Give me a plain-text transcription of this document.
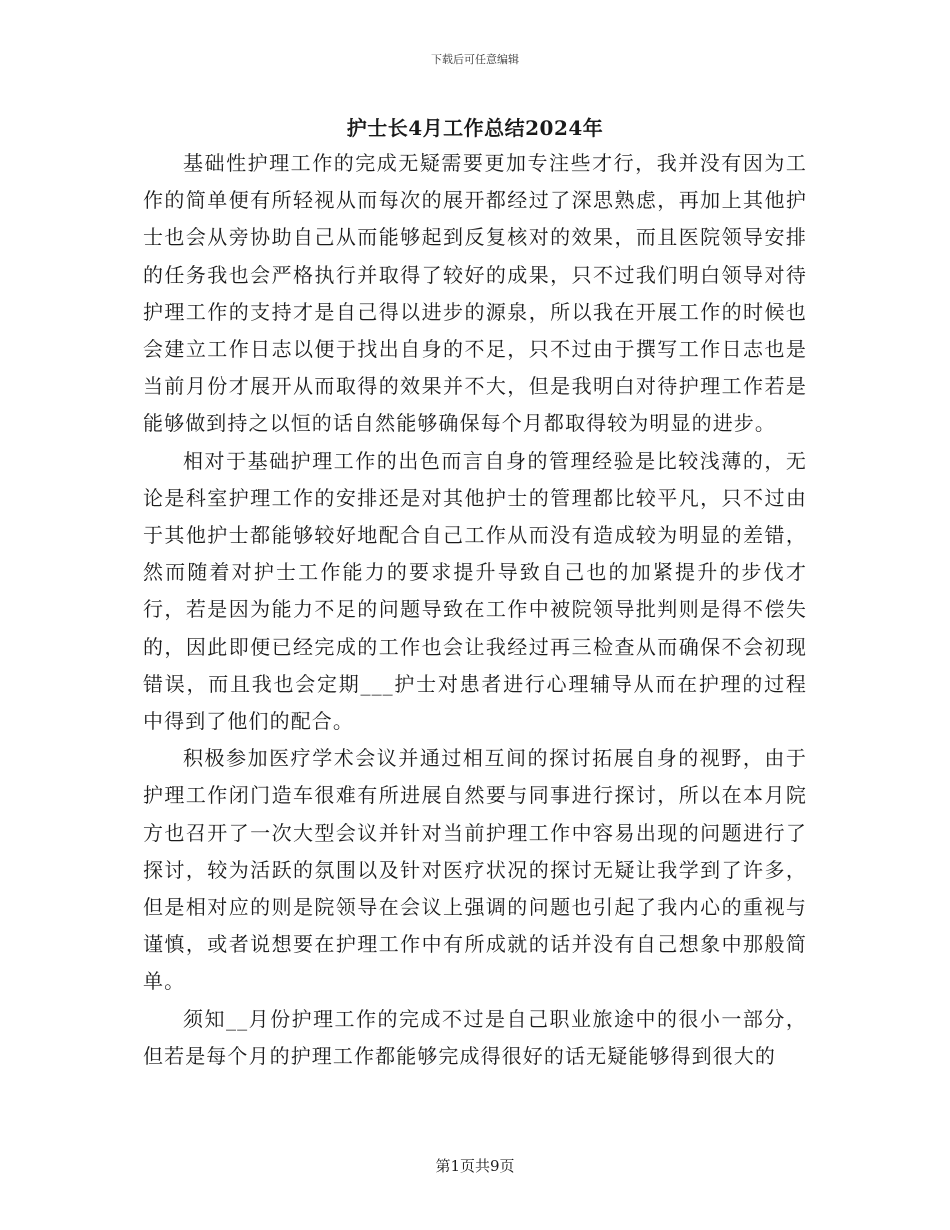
下载后可任意编辑
护士长4月工作总结2024年

基础性护理工作的完成无疑需要更加专注些才行，我并没有因为工作的简单便有所轻视从而每次的展开都经过了深思熟虑，再加上其他护士也会从旁协助自己从而能够起到反复核对的效果，而且医院领导安排的任务我也会严格执行并取得了较好的成果，只不过我们明白领导对待护理工作的支持才是自己得以进步的源泉，所以我在开展工作的时候也会建立工作日志以便于找出自身的不足，只不过由于撰写工作日志也是当前月份才展开从而取得的效果并不大，但是我明白对待护理工作若是能够做到持之以恒的话自然能够确保每个月都取得较为明显的进步。

相对于基础护理工作的出色而言自身的管理经验是比较浅薄的，无论是科室护理工作的安排还是对其他护士的管理都比较平凡，只不过由于其他护士都能够较好地配合自己工作从而没有造成较为明显的差错，然而随着对护士工作能力的要求提升导致自己也的加紧提升的步伐才行，若是因为能力不足的问题导致在工作中被院领导批判则是得不偿失的，因此即便已经完成的工作也会让我经过再三检查从而确保不会初现错误，而且我也会定期___护士对患者进行心理辅导从而在护理的过程中得到了他们的配合。

积极参加医疗学术会议并通过相互间的探讨拓展自身的视野，由于护理工作闭门造车很难有所进展自然要与同事进行探讨，所以在本月院方也召开了一次大型会议并针对当前护理工作中容易出现的问题进行了探讨，较为活跃的氛围以及针对医疗状况的探讨无疑让我学到了许多，但是相对应的则是院领导在会议上强调的问题也引起了我内心的重视与谨慎，或者说想要在护理工作中有所成就的话并没有自己想象中那般简单。

须知__月份护理工作的完成不过是自己职业旅途中的很小一部分，但若是每个月的护理工作都能够完成得很好的话无疑能够得到很大的

第1页共9页
